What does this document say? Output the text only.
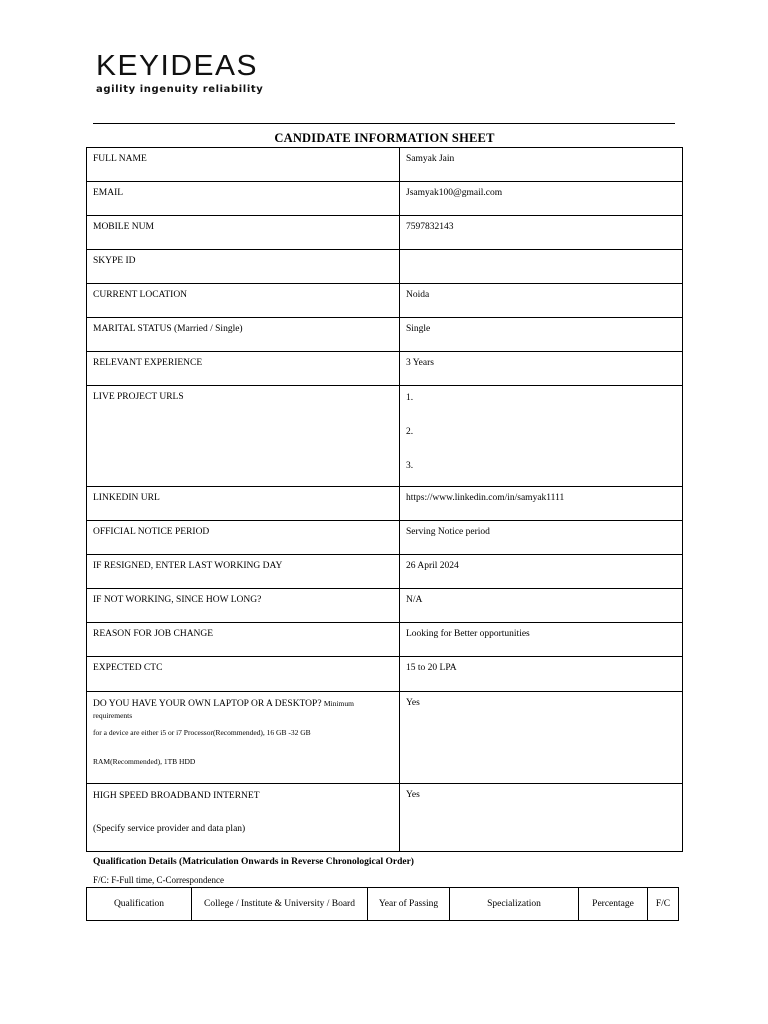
KEYIDEAS
agility ingenuity reliability
CANDIDATE INFORMATION SHEET
FULL NAME	Samyak Jain
EMAIL	Jsamyak100@gmail.com
MOBILE NUM	7597832143
SKYPE ID	
CURRENT LOCATION	Noida
MARITAL STATUS (Married / Single)	Single
RELEVANT EXPERIENCE	3 Years
LIVE PROJECT URLS	1.
2.
3.

LINKEDIN URL	https://www.linkedin.com/in/samyak1111
OFFICIAL NOTICE PERIOD	Serving Notice period
IF RESIGNED, ENTER LAST WORKING DAY	26 April 2024
IF NOT WORKING, SINCE HOW LONG?	N/A
REASON FOR JOB CHANGE	Looking for Better opportunities
EXPECTED CTC	15 to 20 LPA

DO YOU HAVE YOUR OWN LAPTOP OR A DESKTOP? Minimum requirements
for a device are either i5 or i7 Processor(Recommended), 16 GB -32 GB
RAM(Recommended), 1TB HDD	Yes

HIGH SPEED BROADBAND INTERNET
(Specify service provider and data plan)	Yes
Qualification Details (Matriculation Onwards in Reverse Chronological Order)
F/C: F-Full time, C-Correspondence
Qualification	College / Institute & University / Board	Year of Passing	Specialization	Percentage	F/C
